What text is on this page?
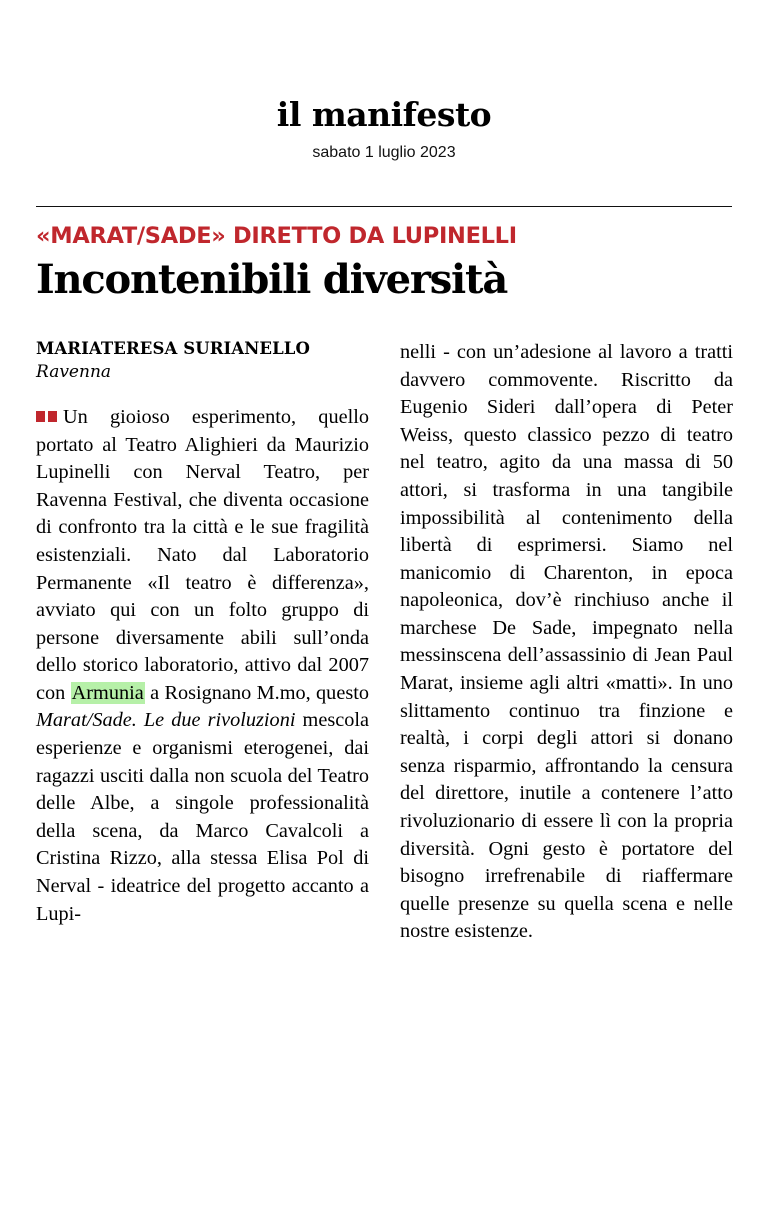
il manifesto
sabato 1 luglio 2023
«MARAT/SADE» DIRETTO DA LUPINELLI
Incontenibili diversità
MARIATERESA SURIANELLO
Ravenna
Un gioioso esperimento, quello portato al Teatro Alighieri da Maurizio Lupinelli con Nerval Teatro, per Ravenna Festival, che diventa occasione di confronto tra la città e le sue fragilità esistenziali. Nato dal Laboratorio Permanente «Il teatro è differenza», avviato qui con un folto gruppo di persone diversamente abili sull’onda dello storico laboratorio, attivo dal 2007 con Armunia a Rosignano M.mo, questo Marat/Sade. Le due rivoluzioni mescola esperienze e organismi eterogenei, dai ragazzi usciti dalla non scuola del Teatro delle Albe, a singole professionalità della scena, da Marco Cavalcoli a Cristina Rizzo, alla stessa Elisa Pol di Nerval - ideatrice del progetto accanto a Lupi-
nelli - con un’adesione al lavoro a tratti davvero commovente. Riscritto da Eugenio Sideri dall’opera di Peter Weiss, questo classico pezzo di teatro nel teatro, agito da una massa di 50 attori, si trasforma in una tangibile impossibilità al contenimento della libertà di esprimersi. Siamo nel manicomio di Charenton, in epoca napoleonica, dov’è rinchiuso anche il marchese De Sade, impegnato nella messinscena dell’assassinio di Jean Paul Marat, insieme agli altri «matti». In uno slittamento continuo tra finzione e realtà, i corpi degli attori si donano senza risparmio, affrontando la censura del direttore, inutile a contenere l’atto rivoluzionario di essere lì con la propria diversità. Ogni gesto è portatore del bisogno irrefrenabile di riaffermare quelle presenze su quella scena e nelle nostre esistenze.
